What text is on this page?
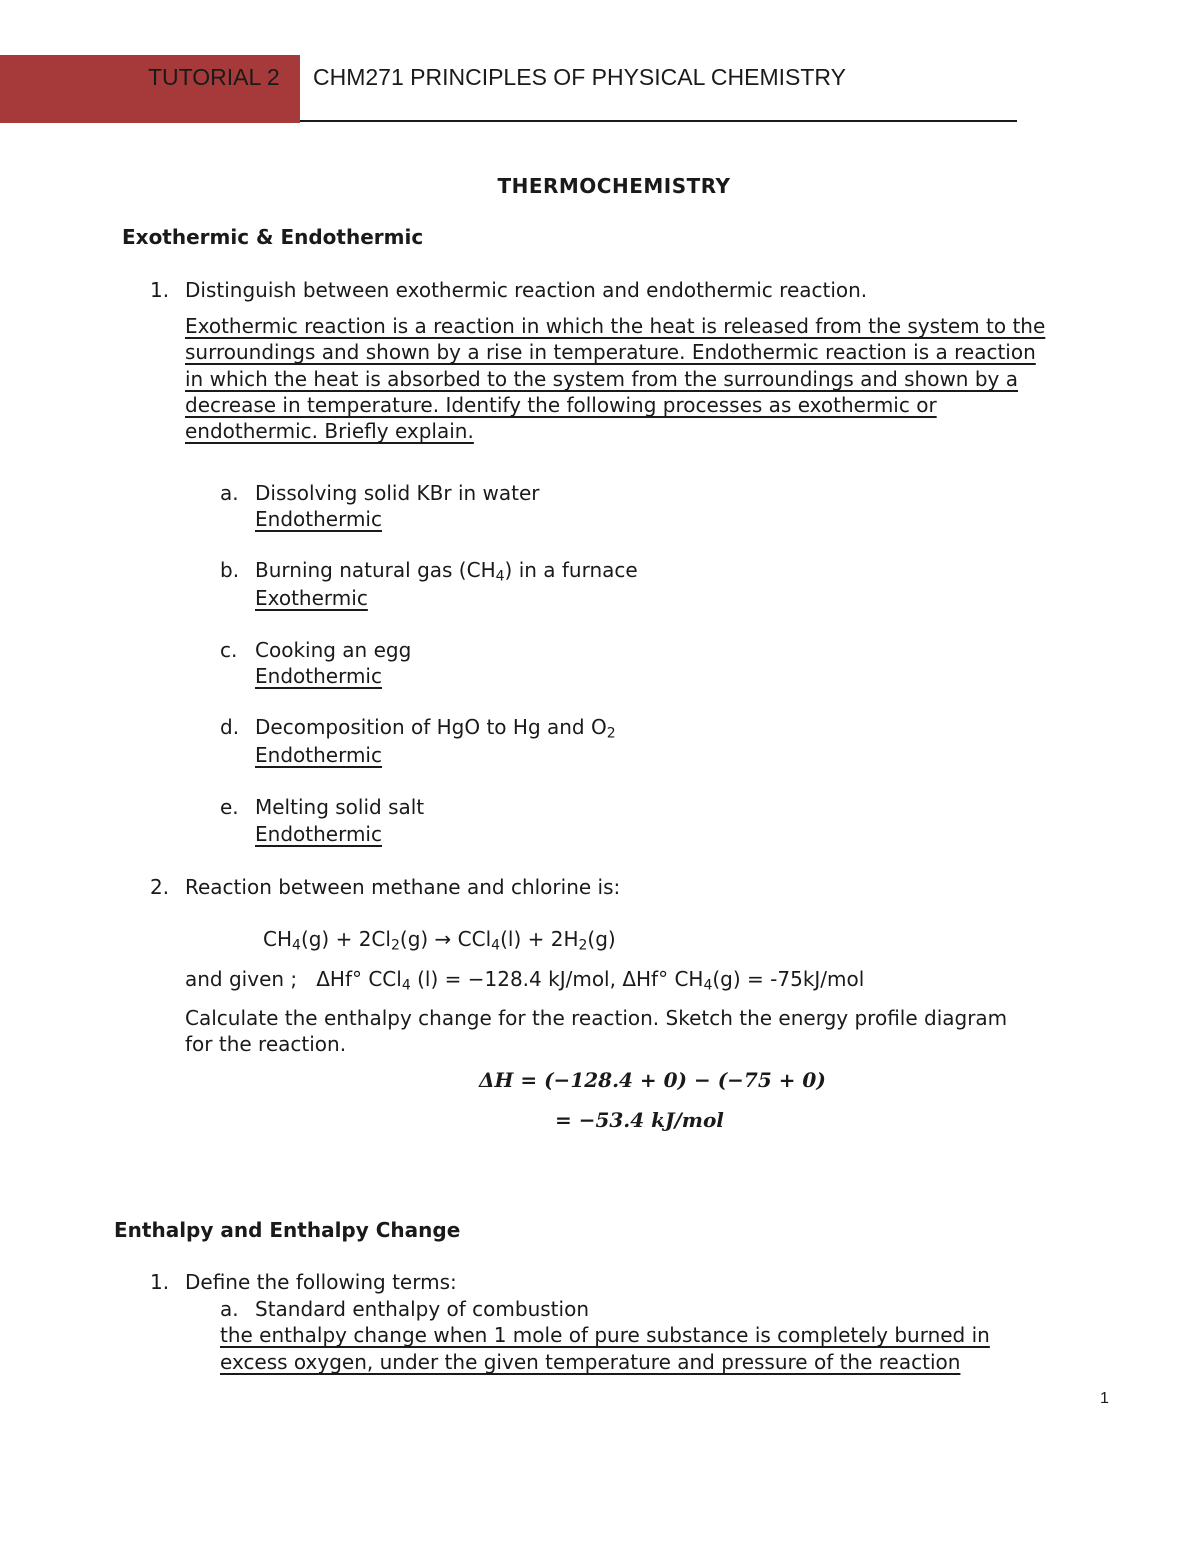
TUTORIAL 2 CHM271 PRINCIPLES OF PHYSICAL CHEMISTRY
THERMOCHEMISTRY
Exothermic & Endothermic
1. Distinguish between exothermic reaction and endothermic reaction.
Exothermic reaction is a reaction in which the heat is released from the system to the
surroundings and shown by a rise in temperature. Endothermic reaction is a reaction
in which the heat is absorbed to the system from the surroundings and shown by a
decrease in temperature. Identify the following processes as exothermic or
endothermic. Briefly explain.
a. Dissolving solid KBr in water
Endothermic
b. Burning natural gas $(CH_4)$ in a furnace
Exothermic
c. Cooking an egg
Endothermic
d. Decomposition of HgO to Hg and $O_2$
Endothermic
e. Melting solid salt
Endothermic
2. Reaction between methane and chlorine is:
$CH_4(g) + 2Cl_2(g) \to CCl_4(l) + 2H_2(g)$
and given ;   ΔHf° CCl$_4$ (l) = −128.4 kJ/mol, ΔHf° $CH_4(g) = -75kJ/mol$
Calculate the enthalpy change for the reaction. Sketch the energy profile diagram
for the reaction.
ΔH = (−128.4 + 0) − (−75 + 0)
= −53.4 kJ/mol
Enthalpy and Enthalpy Change
1. Define the following terms:
a. Standard enthalpy of combustion
the enthalpy change when 1 mole of pure substance is completely burned in
excess oxygen, under the given temperature and pressure of the reaction
1
